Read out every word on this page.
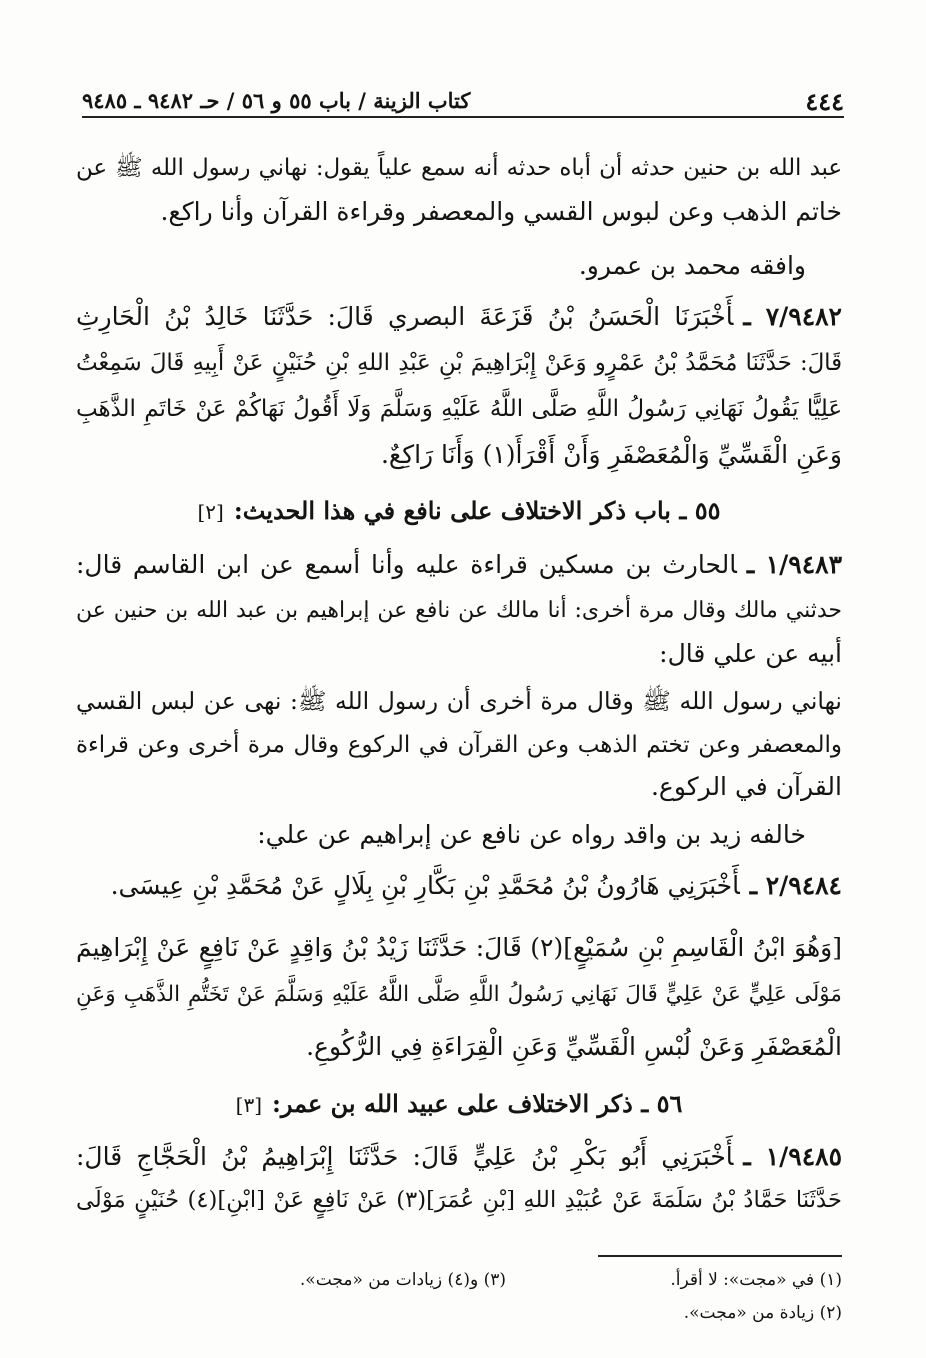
٤٤٤
كتاب الزينة / باب ٥٥ و ٥٦ / حـ ٩٤٨٢ ـ ٩٤٨٥
عبد الله بن حنين حدثه أن أباه حدثه أنه سمع علياً يقول: نهاني رسول الله ﷺ عن
خاتم الذهب وعن لبوس القسي والمعصفر وقراءة القرآن وأنا راكع.
وافقه محمد بن عمرو.
٧/٩٤٨٢ ـأَخْبَرَنَا الْحَسَنُ بْنُ قَزَعَةَ البصري قَالَ: حَدَّثَنَا خَالِدُ بْنُ الْحَارِثِ
قَالَ: حَدَّثَنَا مُحَمَّدُ بْنُ عَمْرٍو وَعَنْ إِبْرَاهِيمَ بْنِ عَبْدِ اللهِ بْنِ حُنَيْنٍ عَنْ أَبِيهِ قَالَ سَمِعْتُ
عَلِيًّا يَقُولُ نَهَانِي رَسُولُ اللَّهِ صَلَّى اللَّهُ عَلَيْهِ وَسَلَّمَ وَلَا أَقُولُ نَهَاكُمْ عَنْ خَاتَمِ الذَّهَبِ
وَعَنِ الْقَسِّيِّ وَالْمُعَصْفَرِ وَأَنْ أَقْرَأَ(١) وَأَنَا رَاكِعٌ.
٥٥ ـ باب ذكر الاختلاف على نافع في هذا الحديث:[٢]
١/٩٤٨٣ ـالحارث بن مسكين قراءة عليه وأنا أسمع عن ابن القاسم قال:
حدثني مالك وقال مرة أخرى: أنا مالك عن نافع عن إبراهيم بن عبد الله بن حنين عن
أبيه عن علي قال:
نهاني رسول الله ﷺ وقال مرة أخرى أن رسول الله ﷺ: نهى عن لبس القسي
والمعصفر وعن تختم الذهب وعن القرآن في الركوع وقال مرة أخرى وعن قراءة
القرآن في الركوع.
خالفه زيد بن واقد رواه عن نافع عن إبراهيم عن علي:
٢/٩٤٨٤ ـأَخْبَرَنِي هَارُونُ بْنُ مُحَمَّدِ بْنِ بَكَّارِ بْنِ بِلَالٍ عَنْ مُحَمَّدِ بْنِ عِيسَى.
[وَهُوَ ابْنُ الْقَاسِمِ بْنِ سُمَيْعٍ](٢) قَالَ: حَدَّثَنَا زَيْدُ بْنُ وَاقِدٍ عَنْ نَافِعٍ عَنْ إِبْرَاهِيمَ
مَوْلَى عَلِيٍّ عَنْ عَلِيٍّ قَالَ نَهَانِي رَسُولُ اللَّهِ صَلَّى اللَّهُ عَلَيْهِ وَسَلَّمَ عَنْ تَخَتُّمِ الذَّهَبِ وَعَنِ
الْمُعَصْفَرِ وَعَنْ لُبْسِ الْقَسِّيِّ وَعَنِ الْقِرَاءَةِ فِي الرُّكُوعِ.
٥٦ ـ ذكر الاختلاف على عبيد الله بن عمر:[٣]
١/٩٤٨٥ ـأَخْبَرَنِي أَبُو بَكْرِ بْنُ عَلِيٍّ قَالَ: حَدَّثَنَا إِبْرَاهِيمُ بْنُ الْحَجَّاجِ قَالَ:
حَدَّثَنَا حَمَّادُ بْنُ سَلَمَةَ عَنْ عُبَيْدِ اللهِ [بْنِ عُمَرَ](٣) عَنْ نَافِعٍ عَنْ [ابْنِ](٤) حُنَيْنٍ مَوْلَى
(١) في «مجت»: لا أقرأ.
(٣) و(٤) زيادات من «مجت».
(٢) زيادة من «مجت».
